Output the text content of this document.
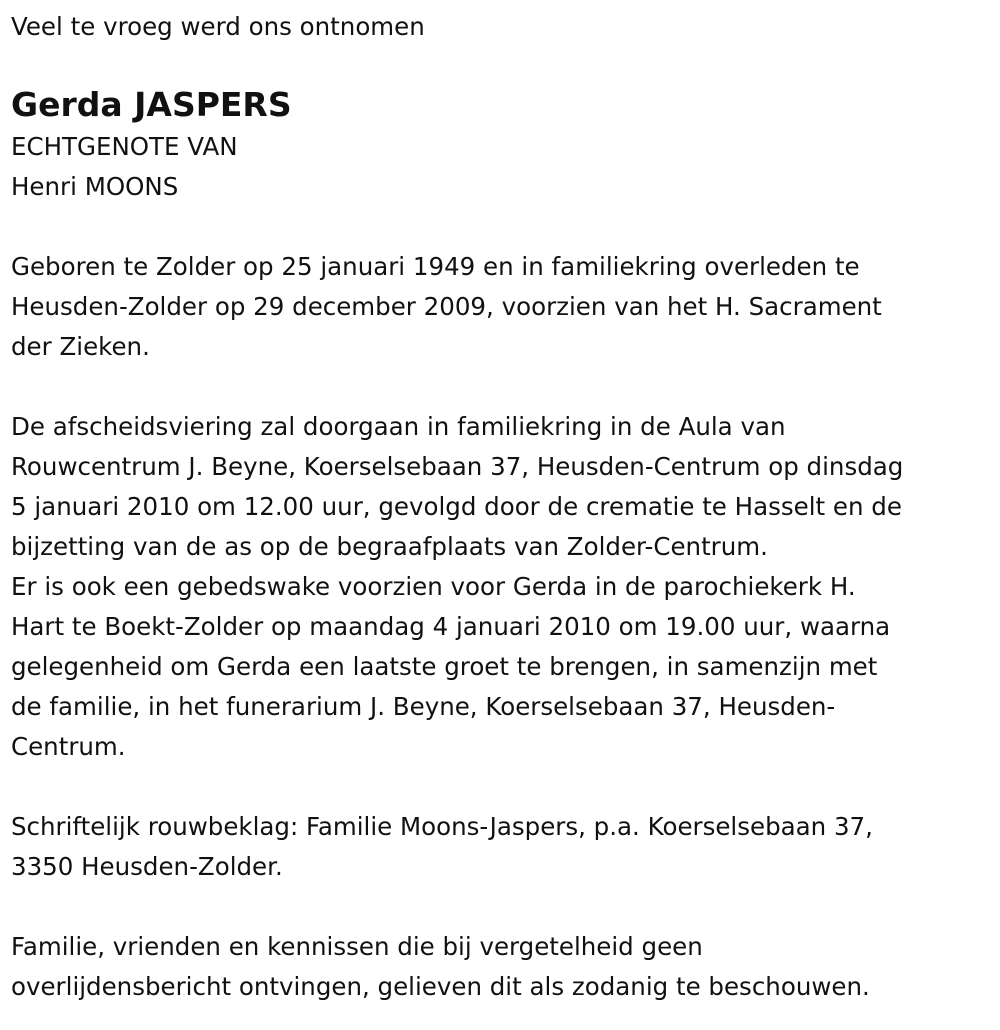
Veel te vroeg werd ons ontnomen
Gerda JASPERS
ECHTGENOTE VAN
Henri MOONS
Geboren te Zolder op 25 januari 1949 en in familiekring overleden te
Heusden-Zolder op 29 december 2009, voorzien van het H. Sacrament
der Zieken.
De afscheidsviering zal doorgaan in familiekring in de Aula van
Rouwcentrum J. Beyne, Koerselsebaan 37, Heusden-Centrum op dinsdag
5 januari 2010 om 12.00 uur, gevolgd door de crematie te Hasselt en de
bijzetting van de as op de begraafplaats van Zolder-Centrum.
Er is ook een gebedswake voorzien voor Gerda in de parochiekerk H.
Hart te Boekt-Zolder op maandag 4 januari 2010 om 19.00 uur, waarna
gelegenheid om Gerda een laatste groet te brengen, in samenzijn met
de familie, in het funerarium J. Beyne, Koerselsebaan 37, Heusden-
Centrum.
Schriftelijk rouwbeklag: Familie Moons-Jaspers, p.a. Koerselsebaan 37,
3350 Heusden-Zolder.
Familie, vrienden en kennissen die bij vergetelheid geen
overlijdensbericht ontvingen, gelieven dit als zodanig te beschouwen.
